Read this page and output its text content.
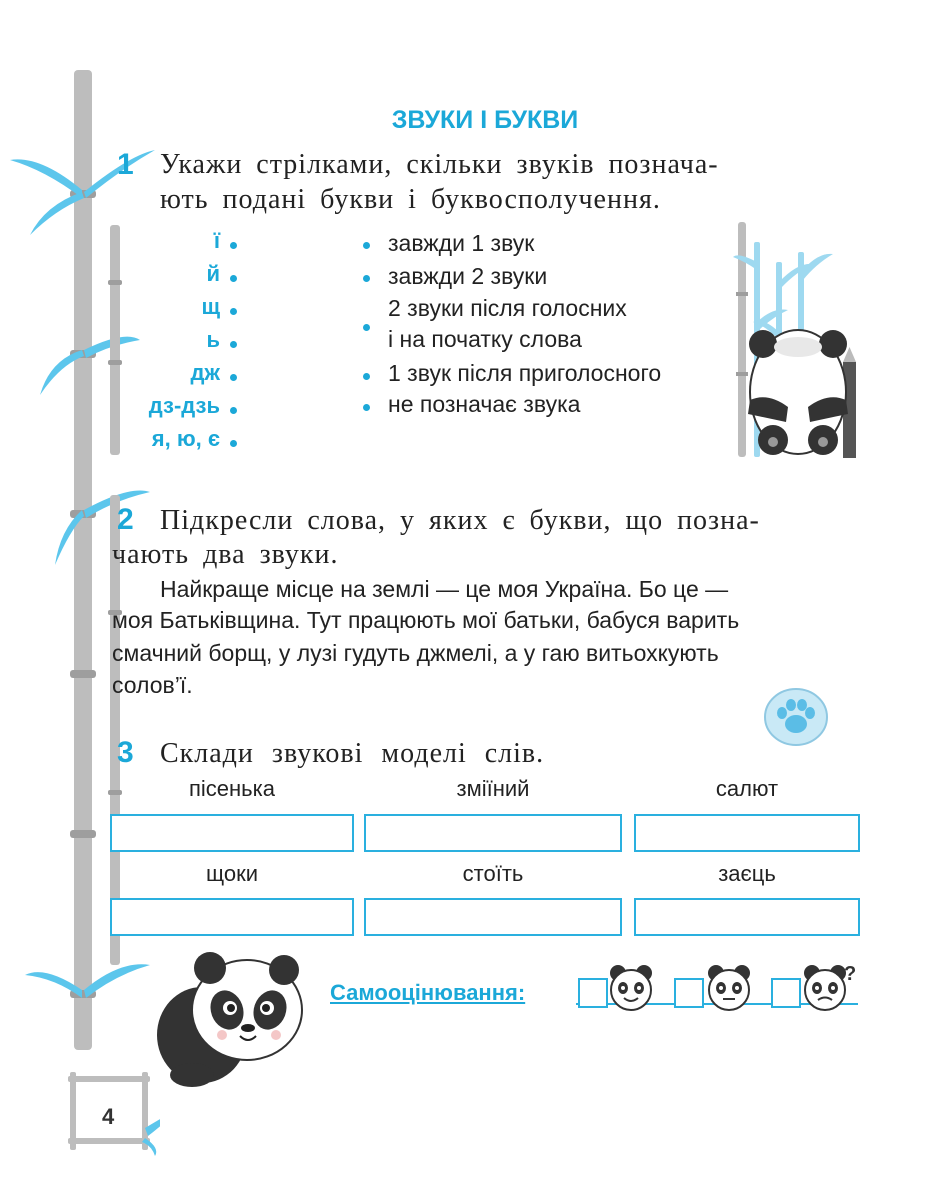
ЗВУКИ І БУКВИ
1 Укажи стрілками, скільки звуків познача-
ють подані букви і буквосполучення.
ї
й
щ
ь
дж
дз-дзь
я, ю, є
завжди 1 звук
завжди 2 звуки
2 звуки після голосних
і на початку слова
1 звук після приголосного
не позначає звука
2 Підкресли слова, у яких є букви, що позна-
чають два звуки.
Найкраще місце на землі — це моя Україна. Бо це —
моя Батьківщина. Тут працюють мої батьки, бабуся варить
смачний борщ, у лузі гудуть джмелі, а у гаю витьохкують
солов’ї.
3 Склади звукові моделі слів.
пісенька	зміїний	салют
щоки	стоїть	заєць
Самооцінювання:
?
4
